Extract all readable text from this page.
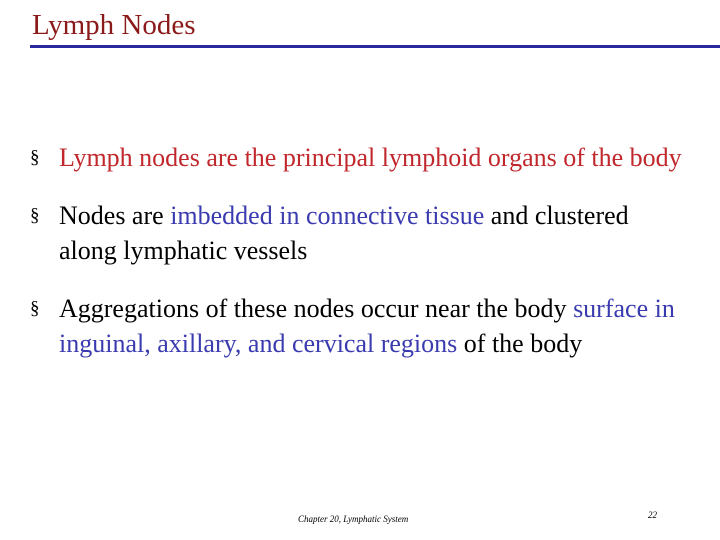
Lymph Nodes
§ Lymph nodes are the principal lymphoid organs of the body
§ Nodes are imbedded in connective tissue and clustered along lymphatic vessels
§ Aggregations of these nodes occur near the body surface in inguinal, axillary, and cervical regions of the body
Chapter 20, Lymphatic System	22
